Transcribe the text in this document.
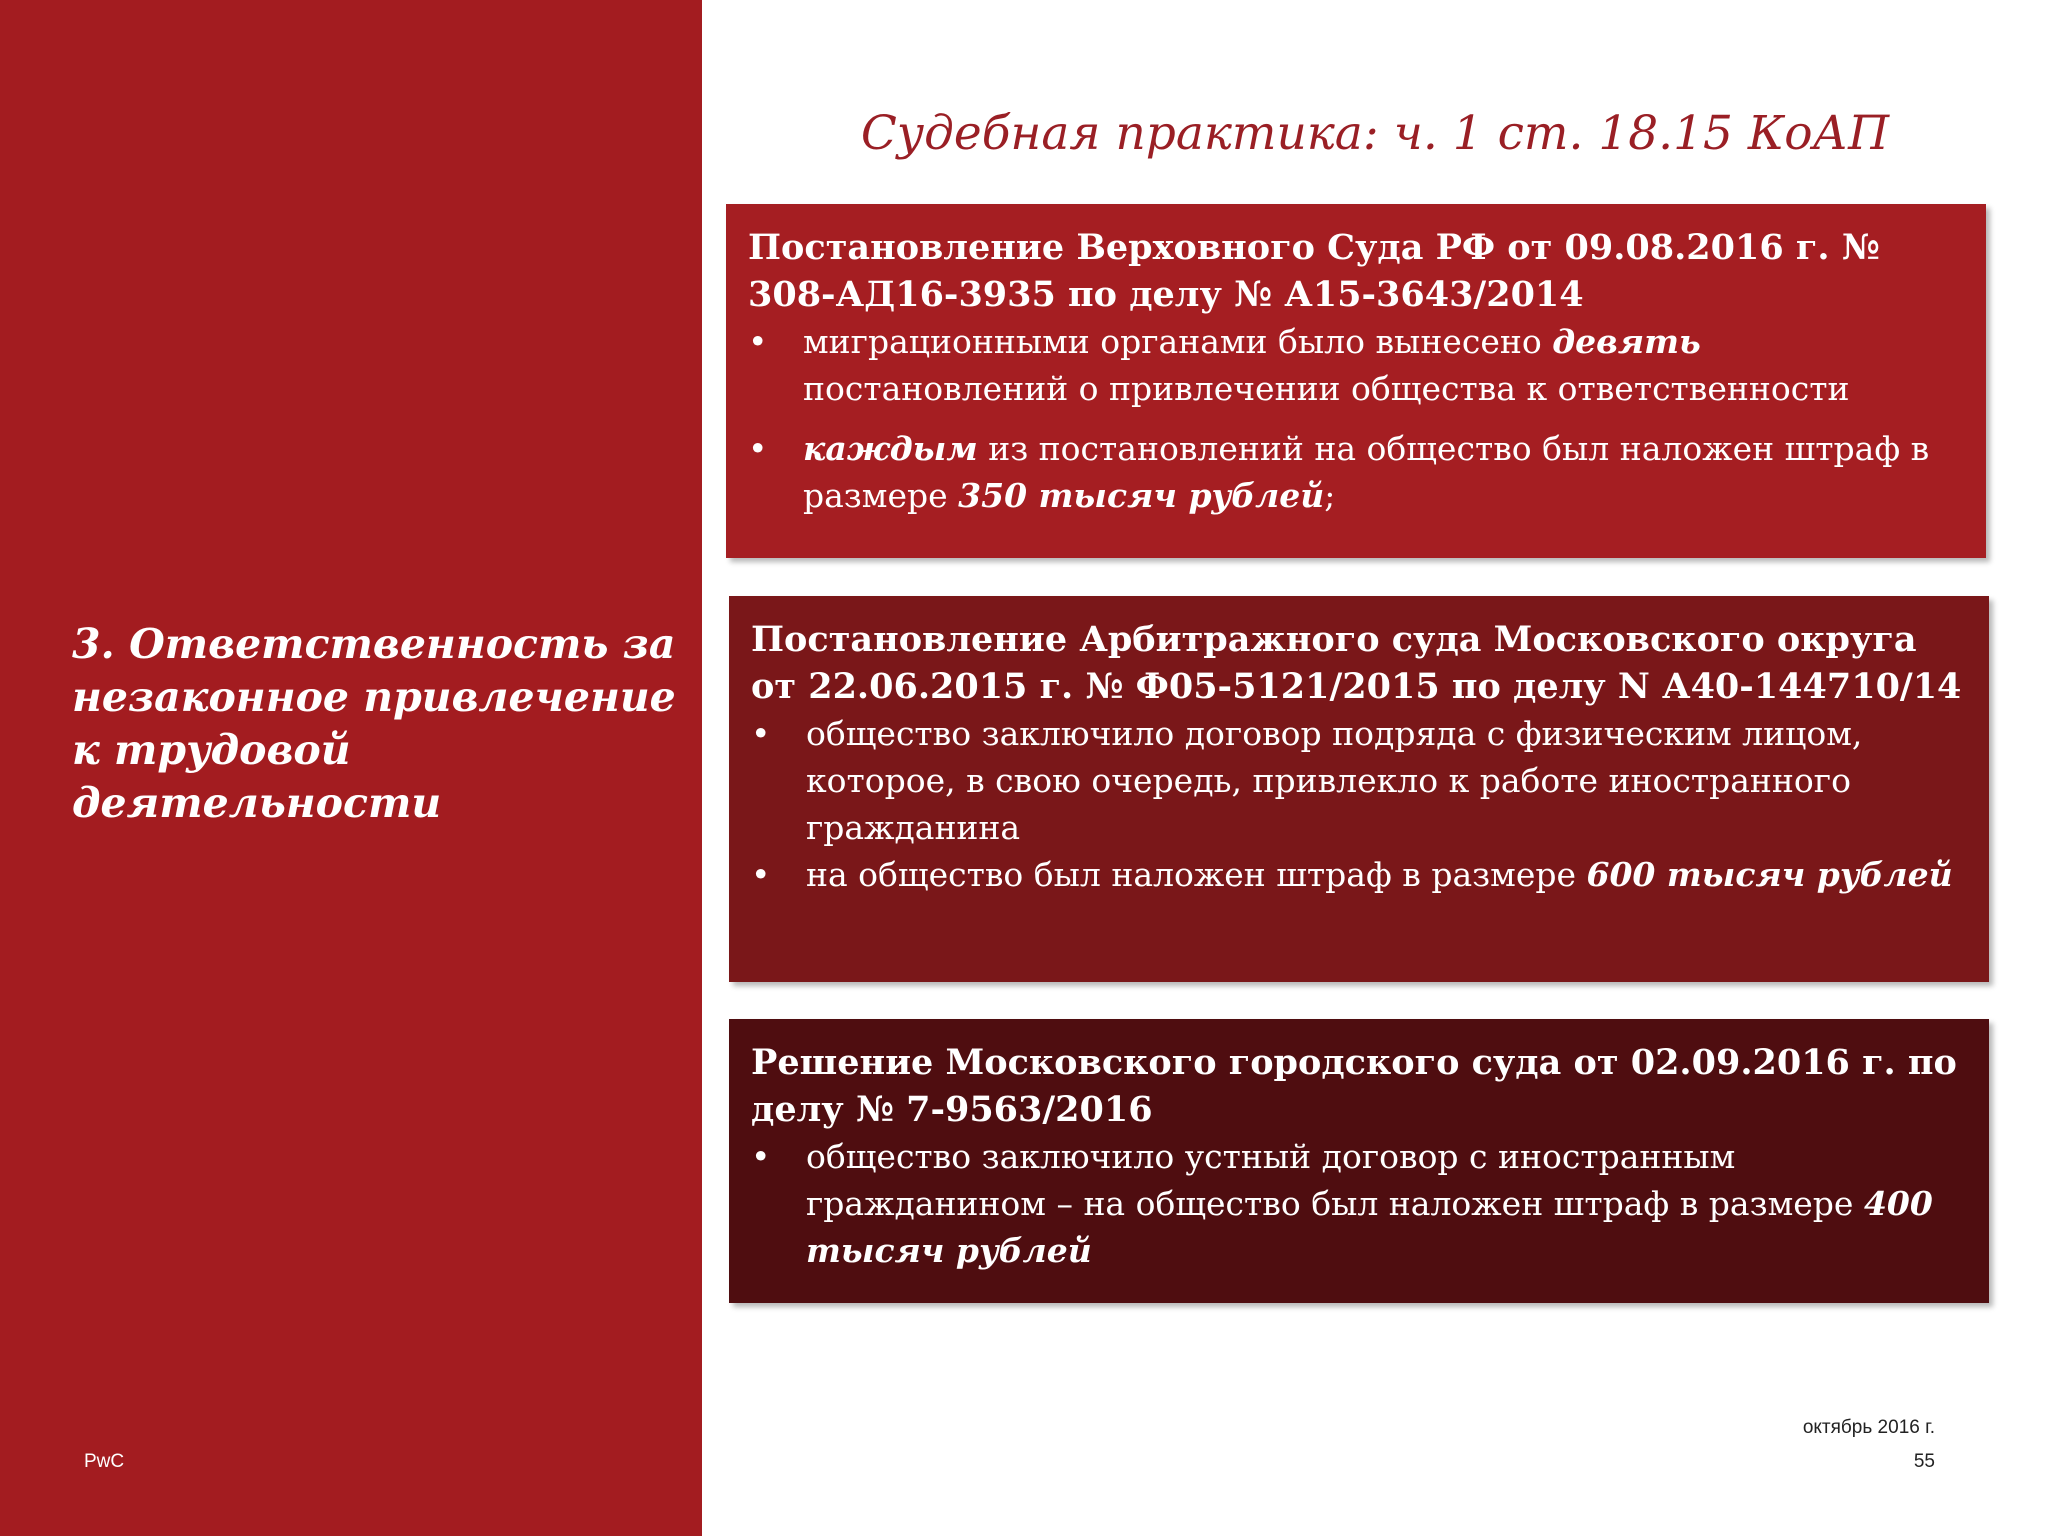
3. Ответственность за незаконное привлечение к трудовой деятельности
PwC
Судебная практика: ч. 1 ст. 18.15 КоАП
Постановление Верховного Суда РФ от 09.08.2016 г. № 308-АД16-3935 по делу № А15-3643/2014
•	миграционными органами было вынесено девять постановлений о привлечении общества к ответственности
•	каждым из постановлений на общество был наложен штраф в размере 350 тысяч рублей;
Постановление Арбитражного суда Московского округа от 22.06.2015 г. № Ф05-5121/2015 по делу N А40-144710/14
•	общество заключило договор подряда с физическим лицом, которое, в свою очередь, привлекло к работе иностранного гражданина
•	на общество был наложен штраф в размере 600 тысяч рублей
Решение Московского городского суда от 02.09.2016 г. по делу № 7-9563/2016
•	общество заключило устный договор с иностранным гражданином – на общество был наложен штраф в размере 400 тысяч рублей
октябрь 2016 г.
55
